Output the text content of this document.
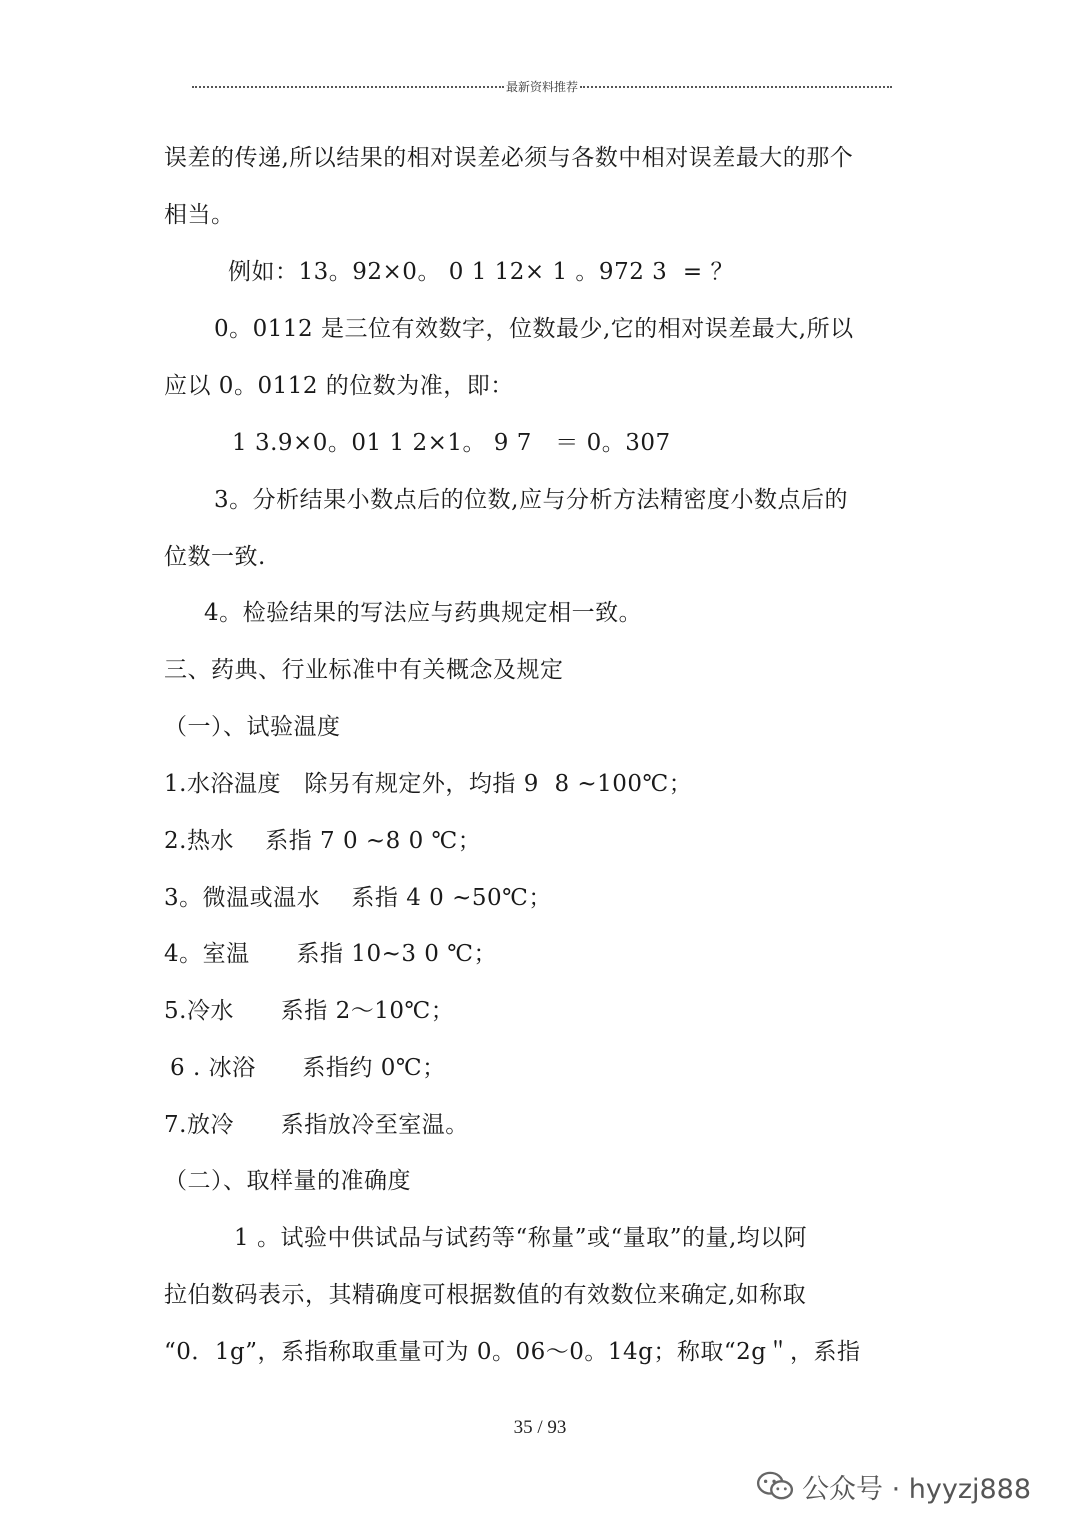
最新资料推荐
误差的传递,所以结果的相对误差必须与各数中相对误差最大的那个
相当。
例如：13。92×0。 0 1 12× 1 。972 3  = ？
0。0112 是三位有效数字，位数最少,它的相对误差最大,所以
应以 0。0112 的位数为准，即：
1 3.9×0。01 1 2×1。 9 7   ＝ 0。307
3。分析结果小数点后的位数,应与分析方法精密度小数点后的
位数一致.
4。检验结果的写法应与药典规定相一致。
三、药典、行业标准中有关概念及规定
（一）、试验温度
1.水浴温度   除另有规定外，均指 9  8 ~100℃；
2.热水    系指 7 0 ~8 0 ℃；
3。微温或温水    系指 4 0 ~50℃；
4。室温      系指 10~3 0 ℃；
5.冷水      系指 2～10℃；
6 . 冰浴      系指约 0℃；
7.放冷      系指放冷至室温。
（二）、取样量的准确度
1 。试验中供试品与试药等“称量”或“量取”的量,均以阿
拉伯数码表示，其精确度可根据数值的有效数位来确定,如称取
“0．1g”，系指称取重量可为 0。06～0。14g；称取“2g＂，系指
35 / 93
公众号 · hyyzj888
